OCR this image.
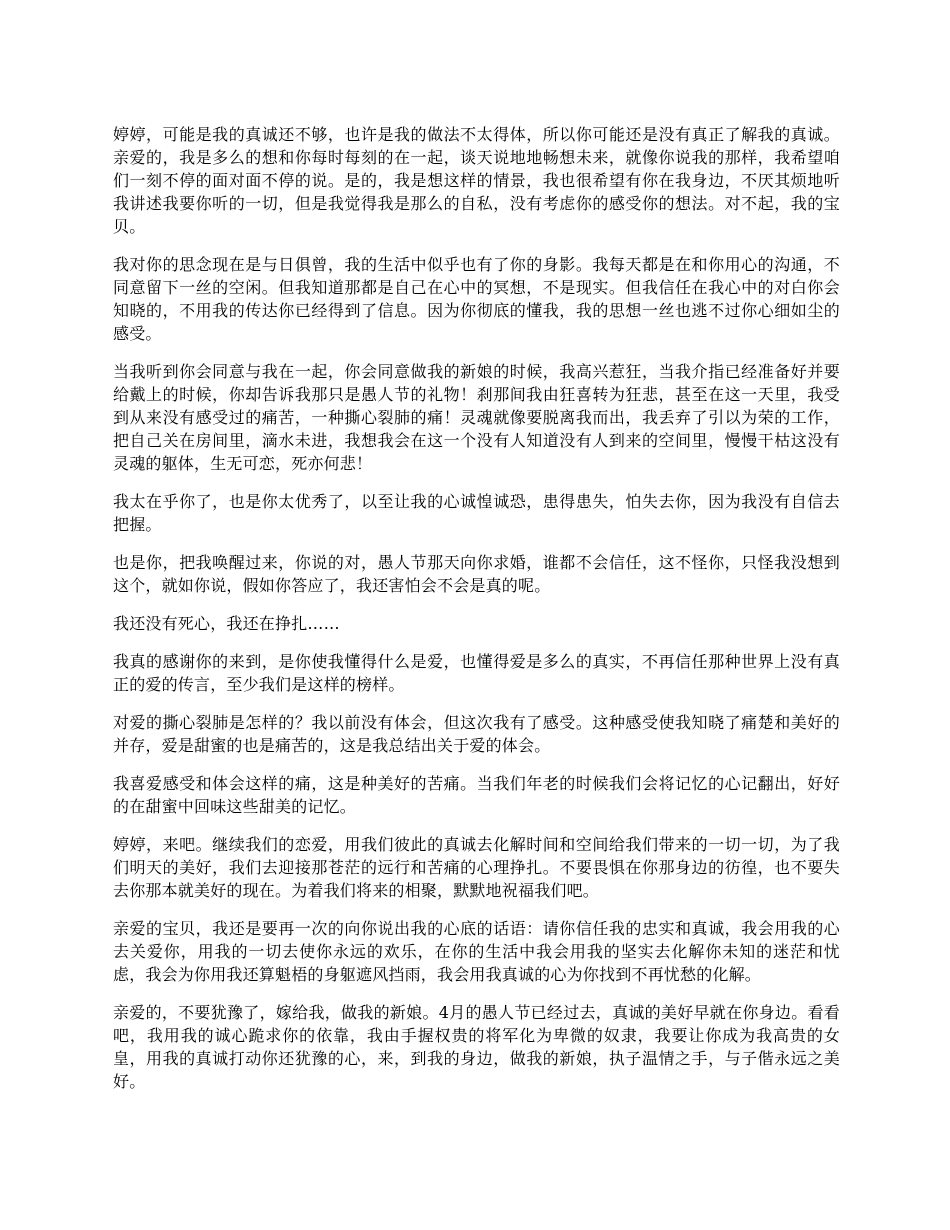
婷婷，可能是我的真诚还不够，也许是我的做法不太得体，所以你可能还是没有真正了解我的真诚。亲爱的，我是多么的想和你每时每刻的在一起，谈天说地地畅想未来，就像你说我的那样，我希望咱们一刻不停的面对面不停的说。是的，我是想这样的情景，我也很希望有你在我身边，不厌其烦地听我讲述我要你听的一切，但是我觉得我是那么的自私，没有考虑你的感受你的想法。对不起，我的宝贝。

我对你的思念现在是与日俱曾，我的生活中似乎也有了你的身影。我每天都是在和你用心的沟通，不同意留下一丝的空闲。但我知道那都是自己在心中的冥想，不是现实。但我信任在我心中的对白你会知晓的，不用我的传达你已经得到了信息。因为你彻底的懂我，我的思想一丝也逃不过你心细如尘的感受。

当我听到你会同意与我在一起，你会同意做我的新娘的时候，我高兴惹狂，当我介指已经准备好并要给戴上的时候，你却告诉我那只是愚人节的礼物！刹那间我由狂喜转为狂悲，甚至在这一天里，我受到从来没有感受过的痛苦，一种撕心裂肺的痛！灵魂就像要脱离我而出，我丢弃了引以为荣的工作，把自己关在房间里，滴水未进，我想我会在这一个没有人知道没有人到来的空间里，慢慢干枯这没有灵魂的躯体，生无可恋，死亦何悲！

我太在乎你了，也是你太优秀了，以至让我的心诚惶诚恐，患得患失，怕失去你，因为我没有自信去把握。

也是你，把我唤醒过来，你说的对，愚人节那天向你求婚，谁都不会信任，这不怪你，只怪我没想到这个，就如你说，假如你答应了，我还害怕会不会是真的呢。

我还没有死心，我还在挣扎……

我真的感谢你的来到，是你使我懂得什么是爱，也懂得爱是多么的真实，不再信任那种世界上没有真正的爱的传言，至少我们是这样的榜样。

对爱的撕心裂肺是怎样的？我以前没有体会，但这次我有了感受。这种感受使我知晓了痛楚和美好的并存，爱是甜蜜的也是痛苦的，这是我总结出关于爱的体会。

我喜爱感受和体会这样的痛，这是种美好的苦痛。当我们年老的时候我们会将记忆的心记翻出，好好的在甜蜜中回味这些甜美的记忆。

婷婷，来吧。继续我们的恋爱，用我们彼此的真诚去化解时间和空间给我们带来的一切一切，为了我们明天的美好，我们去迎接那苍茫的远行和苦痛的心理挣扎。不要畏惧在你那身边的彷徨，也不要失去你那本就美好的现在。为着我们将来的相聚，默默地祝福我们吧。

亲爱的宝贝，我还是要再一次的向你说出我的心底的话语：请你信任我的忠实和真诚，我会用我的心去关爱你，用我的一切去使你永远的欢乐，在你的生活中我会用我的坚实去化解你未知的迷茫和忧虑，我会为你用我还算魁梧的身躯遮风挡雨，我会用我真诚的心为你找到不再忧愁的化解。

亲爱的，不要犹豫了，嫁给我，做我的新娘。4月的愚人节已经过去，真诚的美好早就在你身边。看看吧，我用我的诚心跪求你的依靠，我由手握权贵的将军化为卑微的奴隶，我要让你成为我高贵的女皇，用我的真诚打动你还犹豫的心，来，到我的身边，做我的新娘，执子温情之手，与子偕永远之美好。
